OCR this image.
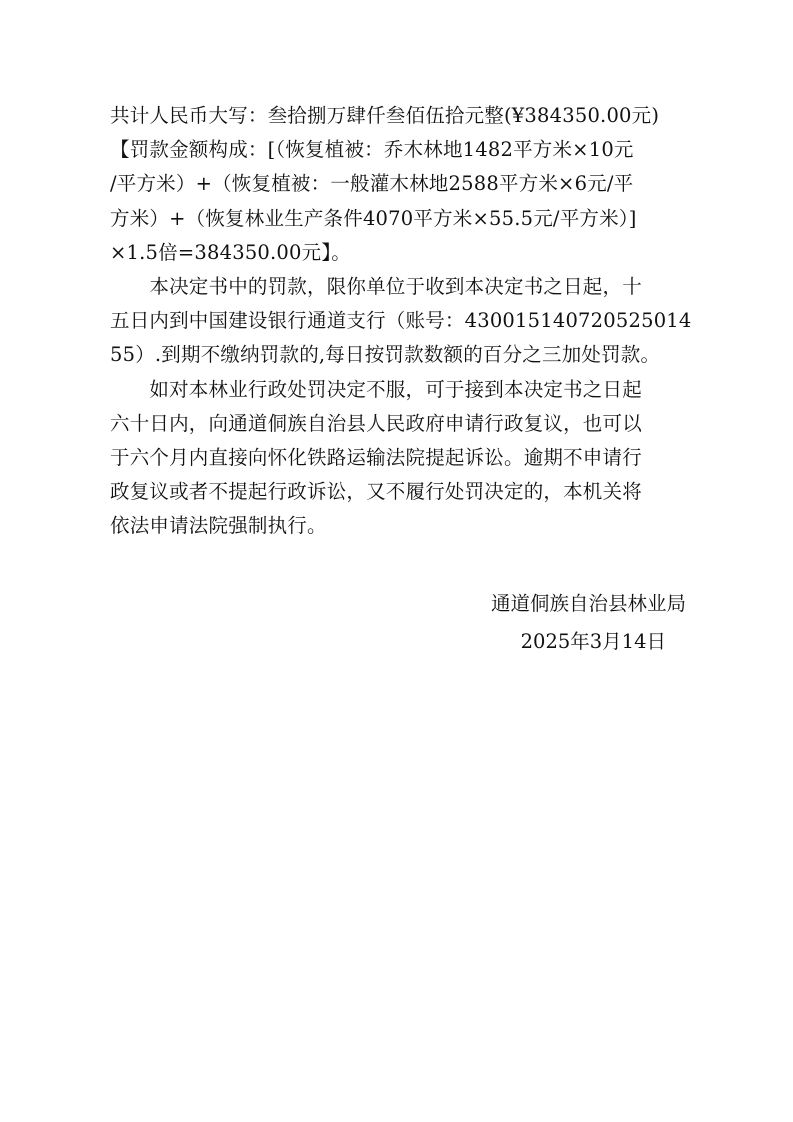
共计人民币大写：叁拾捌万肆仟叁佰伍拾元整(¥384350.00元)
【罚款金额构成：[（恢复植被：乔木林地1482平方米×10元
/平方米）+（恢复植被：一般灌木林地2588平方米×6元/平
方米）+（恢复林业生产条件4070平方米×55.5元/平方米）]
×1.5倍=384350.00元】。
　　本决定书中的罚款，限你单位于收到本决定书之日起，十
五日内到中国建设银行通道支行（账号：430015140720525014
55）.到期不缴纳罚款的,每日按罚款数额的百分之三加处罚款。
　　如对本林业行政处罚决定不服，可于接到本决定书之日起
六十日内，向通道侗族自治县人民政府申请行政复议，也可以
于六个月内直接向怀化铁路运输法院提起诉讼。逾期不申请行
政复议或者不提起行政诉讼，又不履行处罚决定的，本机关将
依法申请法院强制执行。
通道侗族自治县林业局
2025年3月14日
